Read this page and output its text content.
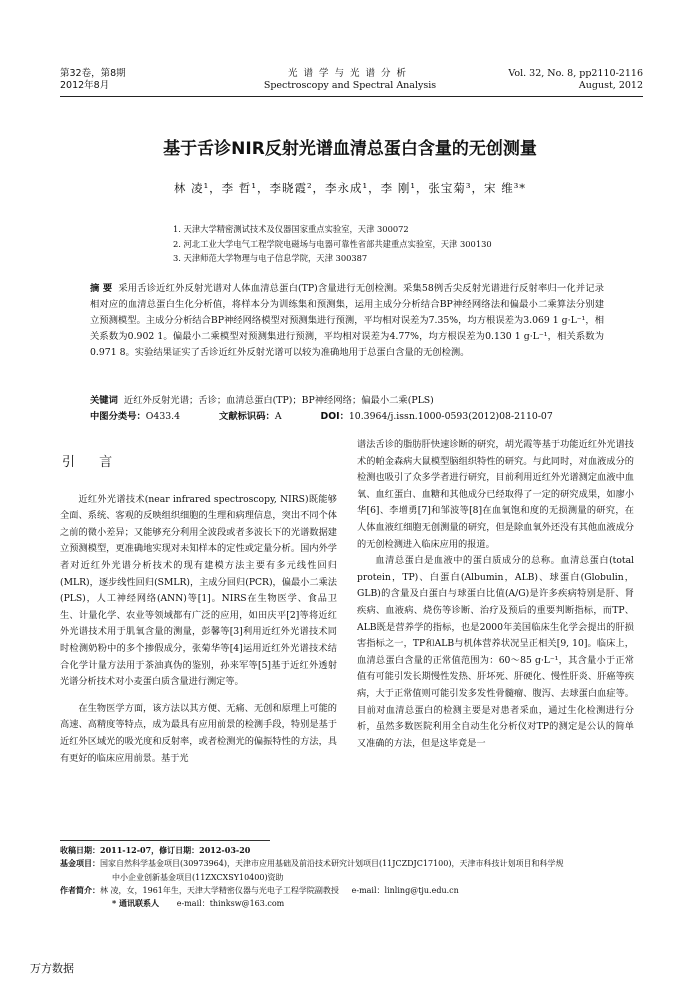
第32卷，第8期
2012年8月
光谱学与光谱分析
Spectroscopy and Spectral Analysis
Vol. 32, No. 8, pp2110-2116
August, 2012
基于舌诊NIR反射光谱血清总蛋白含量的无创测量
林 凌¹，李 哲¹，李晓霞²，李永成¹，李 刚¹，张宝菊³，宋 维³*
1. 天津大学精密测试技术及仪器国家重点实验室，天津 300072
2. 河北工业大学电气工程学院电磁场与电器可靠性省部共建重点实验室，天津 300130
3. 天津师范大学物理与电子信息学院，天津 300387
摘 要 采用舌诊近红外反射光谱对人体血清总蛋白(TP)含量进行无创检测。采集58例舌尖反射光谱进行反射率归一化并记录相对应的血清总蛋白生化分析值，将样本分为训练集和预测集，运用主成分分析结合BP神经网络法和偏最小二乘算法分别建立预测模型。主成分分析结合BP神经网络模型对预测集进行预测，平均相对误差为7.35%，均方根误差为3.069 1 g·L⁻¹，相关系数为0.902 1。偏最小二乘模型对预测集进行预测，平均相对误差为4.77%，均方根误差为0.130 1 g·L⁻¹，相关系数为0.971 8。实验结果证实了舌诊近红外反射光谱可以较为准确地用于总蛋白含量的无创检测。
关键词 近红外反射光谱；舌诊；血清总蛋白(TP)；BP神经网络；偏最小二乘(PLS)
中图分类号：O433.4	文献标识码：A	DOI：10.3964/j.issn.1000-0593(2012)08-2110-07
引 言

近红外光谱技术(near infrared spectroscopy, NIRS)既能够全面、系统、客观的反映组织细胞的生理和病理信息，突出不同个体之前的微小差异；又能够充分利用全波段或者多波长下的光谱数据建立预测模型，更准确地实现对未知样本的定性或定量分析。国内外学者对近红外光谱分析技术的现有建模方法主要有多元线性回归(MLR)，逐步线性回归(SMLR)，主成分回归(PCR)，偏最小二乘法(PLS)，人工神经网络(ANN)等[1]。NIRS在生物医学、食品卫生、计量化学、农业等领域都有广泛的应用，如田庆平[2]等将近红外光谱技术用于肌氧含量的测量，彭馨等[3]利用近红外光谱技术同时检测奶粉中的多个掺假成分，张菊华等[4]运用近红外光谱技术结合化学计量方法用于茶油真伪的鉴别，孙来军等[5]基于近红外透射光谱分析技术对小麦蛋白质含量进行测定等。

在生物医学方面，该方法以其方便、无痛、无创和原理上可能的高速、高精度等特点，成为最具有应用前景的检测手段，特别是基于近红外区域光的吸光度和反射率，或者检测光的偏振特性的方法，具有更好的临床应用前景。基于光

谱法舌诊的脂肪肝快速诊断的研究，胡光霞等基于功能近红外光谱技术的帕金森病大鼠模型脑组织特性的研究。与此同时，对血液成分的检测也吸引了众多学者进行研究，目前利用近红外光谱测定血液中血氧、血红蛋白、血糖和其他成分已经取得了一定的研究成果，如廖小华[6]、李增勇[7]和邹波等[8]在血氧饱和度的无损测量的研究，在人体血液红细胞无创测量的研究，但是除血氧外还没有其他血液成分的无创检测进入临床应用的报道。

血清总蛋白是血液中的蛋白质成分的总称。血清总蛋白(total protein，TP)、白蛋白(Albumin，ALB)、球蛋白(Globulin，GLB)的含量及白蛋白与球蛋白比值(A/G)是许多疾病特别是肝、肾疾病、血液病、烧伤等诊断、治疗及预后的重要判断指标，而TP、ALB既是营养学的指标，也是2000年美国临床生化学会提出的肝损害指标之一，TP和ALB与机体营养状况呈正相关[9, 10]。临床上，血清总蛋白含量的正常值范围为：60～85 g·L⁻¹，其含量小于正常值有可能引发长期慢性发热、肝坏死、肝硬化、慢性肝炎、肝癌等疾病，大于正常值则可能引发多发性骨髓瘤、腹泻、去球蛋白血症等。目前对血清总蛋白的检测主要是对患者采血，通过生化检测进行分析，虽然多数医院利用全自动生化分析仪对TP的测定是公认的简单又准确的方法，但是这毕竟是一

收稿日期：2011-12-07，修订日期：2012-03-20
基金项目：国家自然科学基金项目(30973964)，天津市应用基础及前沿技术研究计划项目(11JCZDJC17100)，天津市科技计划项目和科学规
中小企业创新基金项目(11ZXCXSY10400)资助
作者简介：林 凌，女，1961年生，天津大学精密仪器与光电子工程学院副教授 e-mail：linling@tju.edu.cn
* 通讯联系人 e-mail：thinksw@163.com
万方数据
